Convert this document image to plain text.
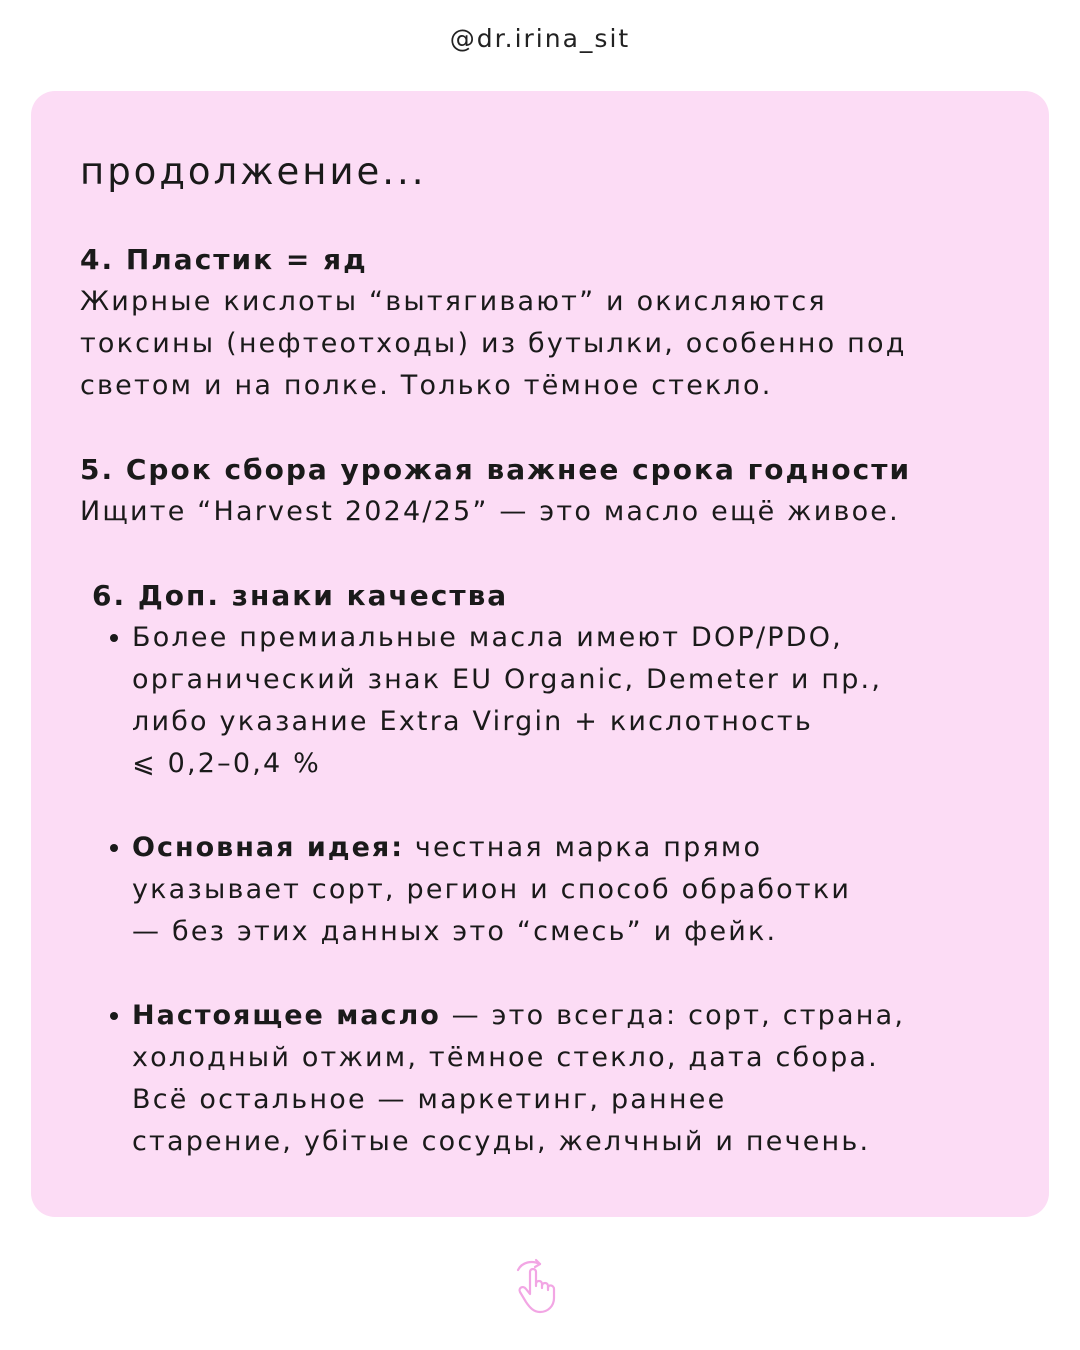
@dr.irina_sit
продолжение...

4. Пластик = яд

Жирные кислоты “вытягивают” и окисляются
токсины (нефтеотходы) из бутылки, особенно под
светом и на полке. Только тёмное стекло.

5. Срок сбора урожая важнее срока годности

Ищите “Harvest 2024/25” — это масло ещё живое.

6. Доп. знаки качества

Более премиальные масла имеют DOP/PDO,
органический знак EU Organic, Demeter и пр.,
либо указание Extra Virgin + кислотность
⩽ 0,2–0,4 %
Основная идея: честная марка прямо
указывает сорт, регион и способ обработки
— без этих данных это “смесь” и фейк.
Настоящее масло — это всегда: сорт, страна,
холодный отжим, тёмное стекло, дата сбора.
Всё остальное — маркетинг, раннее
старение, убiтые сосуды, желчный и печень.
